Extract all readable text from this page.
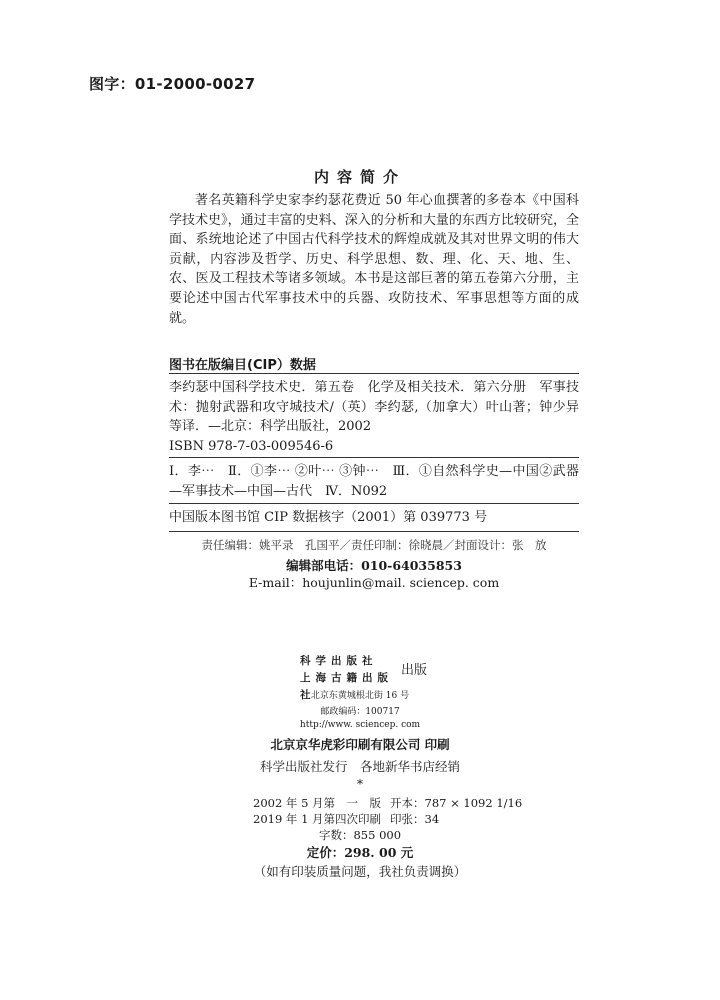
图字：01-2000-0027
内容简介
著名英籍科学史家李约瑟花费近 50 年心血撰著的多卷本《中国科学技术史》，通过丰富的史料、深入的分析和大量的东西方比较研究，全面、系统地论述了中国古代科学技术的辉煌成就及其对世界文明的伟大贡献，内容涉及哲学、历史、科学思想、数、理、化、天、地、生、农、医及工程技术等诸多领域。本书是这部巨著的第五卷第六分册，主要论述中国古代军事技术中的兵器、攻防技术、军事思想等方面的成就。
图书在版编目(CIP）数据
李约瑟中国科学技术史．第五卷　化学及相关技术．第六分册　军事技术：抛射武器和攻守城技术/（英）李约瑟,（加拿大）叶山著；钟少异等译．—北京：科学出版社，2002
ISBN 978-7-03-009546-6
Ⅰ．李⋯　Ⅱ．①李⋯ ②叶⋯ ③钟⋯　Ⅲ．①自然科学史—中国②武器—军事技术—中国—古代　Ⅳ．N092
中国版本图书馆 CIP 数据核字（2001）第 039773 号
责任编辑：姚平录　孔国平／责任印制：徐晓晨／封面设计：张　放
编辑部电话：010-64035853
E-mail：houjunlin@mail. sciencep. com
科学出版社
上海古籍出版社
出版
北京东黄城根北街 16 号
邮政编码：100717
http://www. sciencep. com
北京京华虎彩印刷有限公司 印刷
科学出版社发行　各地新华书店经销
*
2002 年 5 月第　一　版 开本：787 × 1092 1/16
2019 年 1 月第四次印刷 印张：34
字数：855 000
定价：298. 00 元
（如有印装质量问题，我社负责调换）
